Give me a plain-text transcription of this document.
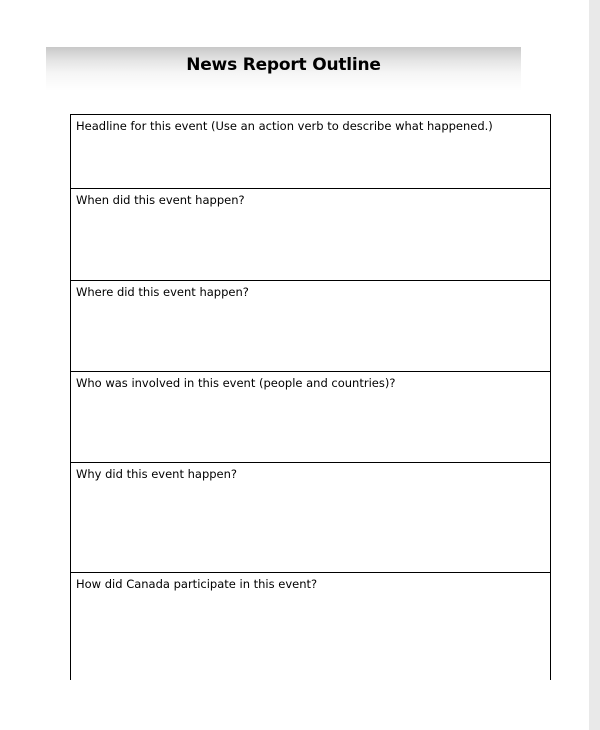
News Report Outline
Headline for this event (Use an action verb to describe what happened.)
When did this event happen?
Where did this event happen?
Who was involved in this event (people and countries)?
Why did this event happen?
How did Canada participate in this event?
